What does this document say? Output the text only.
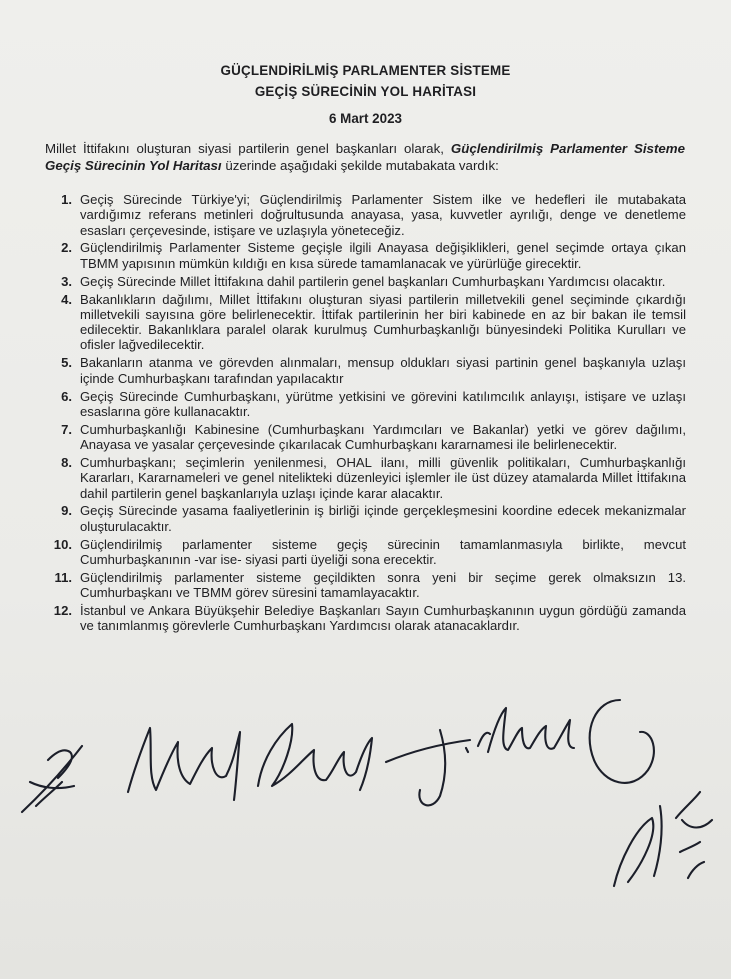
GÜÇLENDİRİLMİŞ PARLAMENTER SİSTEME
GEÇİŞ SÜRECİNİN YOL HARİTASI
6 Mart 2023
Millet İttifakını oluşturan siyasi partilerin genel başkanları olarak, Güçlendirilmiş Parlamenter Sisteme Geçiş Sürecinin Yol Haritası üzerinde aşağıdaki şekilde mutabakata vardık:
1. Geçiş Sürecinde Türkiye'yi; Güçlendirilmiş Parlamenter Sistem ilke ve hedefleri ile mutabakata vardığımız referans metinleri doğrultusunda anayasa, yasa, kuvvetler ayrılığı, denge ve denetleme esasları çerçevesinde, istişare ve uzlaşıyla yöneteceğiz.
2. Güçlendirilmiş Parlamenter Sisteme geçişle ilgili Anayasa değişiklikleri, genel seçimde ortaya çıkan TBMM yapısının mümkün kıldığı en kısa sürede tamamlanacak ve yürürlüğe girecektir.
3. Geçiş Sürecinde Millet İttifakına dahil partilerin genel başkanları Cumhurbaşkanı Yardımcısı olacaktır.
4. Bakanlıkların dağılımı, Millet İttifakını oluşturan siyasi partilerin milletvekili genel seçiminde çıkardığı milletvekili sayısına göre belirlenecektir. İttifak partilerinin her biri kabinede en az bir bakan ile temsil edilecektir. Bakanlıklara paralel olarak kurulmuş Cumhurbaşkanlığı bünyesindeki Politika Kurulları ve ofisler lağvedilecektir.
5. Bakanların atanma ve görevden alınmaları, mensup oldukları siyasi partinin genel başkanıyla uzlaşı içinde Cumhurbaşkanı tarafından yapılacaktır
6. Geçiş Sürecinde Cumhurbaşkanı, yürütme yetkisini ve görevini katılımcılık anlayışı, istişare ve uzlaşı esaslarına göre kullanacaktır.
7. Cumhurbaşkanlığı Kabinesine (Cumhurbaşkanı Yardımcıları ve Bakanlar) yetki ve görev dağılımı, Anayasa ve yasalar çerçevesinde çıkarılacak Cumhurbaşkanı kararnamesi ile belirlenecektir.
8. Cumhurbaşkanı; seçimlerin yenilenmesi, OHAL ilanı, milli güvenlik politikaları, Cumhurbaşkanlığı Kararları, Kararnameleri ve genel nitelikteki düzenleyici işlemler ile üst düzey atamalarda Millet İttifakına dahil partilerin genel başkanlarıyla uzlaşı içinde karar alacaktır.
9. Geçiş Sürecinde yasama faaliyetlerinin iş birliği içinde gerçekleşmesini koordine edecek mekanizmalar oluşturulacaktır.
10. Güçlendirilmiş parlamenter sisteme geçiş sürecinin tamamlanmasıyla birlikte, mevcut Cumhurbaşkanının -var ise- siyasi parti üyeliği sona erecektir.
11. Güçlendirilmiş parlamenter sisteme geçildikten sonra yeni bir seçime gerek olmaksızın 13. Cumhurbaşkanı ve TBMM görev süresini tamamlayacaktır.
12. İstanbul ve Ankara Büyükşehir Belediye Başkanları Sayın Cumhurbaşkanının uygun gördüğü zamanda ve tanımlanmış görevlerle Cumhurbaşkanı Yardımcısı olarak atanacaklardır.
